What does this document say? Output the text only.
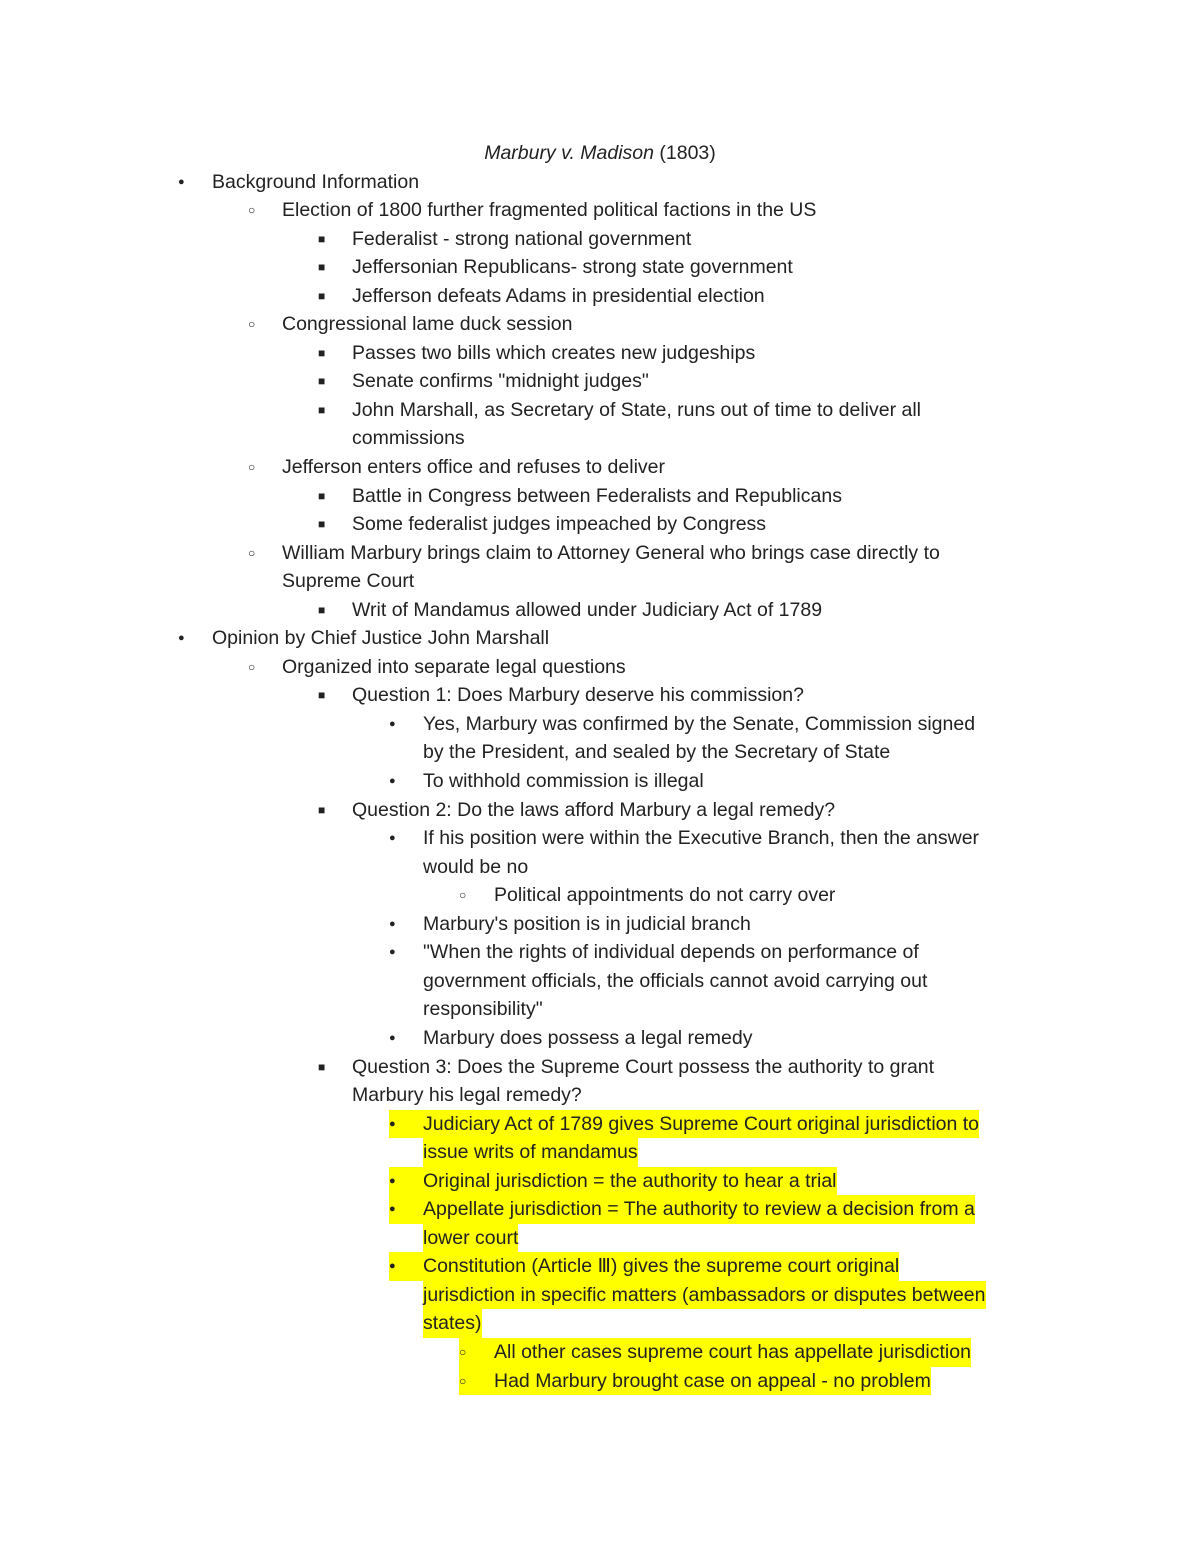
Marbury v. Madison (1803)
●	Background Information
○	Election of 1800 further fragmented political factions in the US
■	Federalist - strong national government
■	Jeffersonian Republicans- strong state government
■	Jefferson defeats Adams in presidential election
○	Congressional lame duck session
■	Passes two bills which creates new judgeships
■	Senate confirms "midnight judges"
■	John Marshall, as Secretary of State, runs out of time to deliver all
commissions
○	Jefferson enters office and refuses to deliver
■	Battle in Congress between Federalists and Republicans
■	Some federalist judges impeached by Congress
○	William Marbury brings claim to Attorney General who brings case directly to
Supreme Court
■	Writ of Mandamus allowed under Judiciary Act of 1789
●	Opinion by Chief Justice John Marshall
○	Organized into separate legal questions
■	Question 1: Does Marbury deserve his commission?
●	Yes, Marbury was confirmed by the Senate, Commission signed
by the President, and sealed by the Secretary of State
●	To withhold commission is illegal
■	Question 2: Do the laws afford Marbury a legal remedy?
●	If his position were within the Executive Branch, then the answer
would be no
○	Political appointments do not carry over
●	Marbury's position is in judicial branch
●	"When the rights of individual depends on performance of
government officials, the officials cannot avoid carrying out
responsibility"
●	Marbury does possess a legal remedy
■	Question 3: Does the Supreme Court possess the authority to grant
Marbury his legal remedy?
●	Judiciary Act of 1789 gives Supreme Court original jurisdiction to
issue writs of mandamus
●	Original jurisdiction = the authority to hear a trial
●	Appellate jurisdiction = The authority to review a decision from a
lower court
●	Constitution (Article Ⅲ) gives the supreme court original
jurisdiction in specific matters (ambassadors or disputes between
states)
○	All other cases supreme court has appellate jurisdiction
○	Had Marbury brought case on appeal - no problem
